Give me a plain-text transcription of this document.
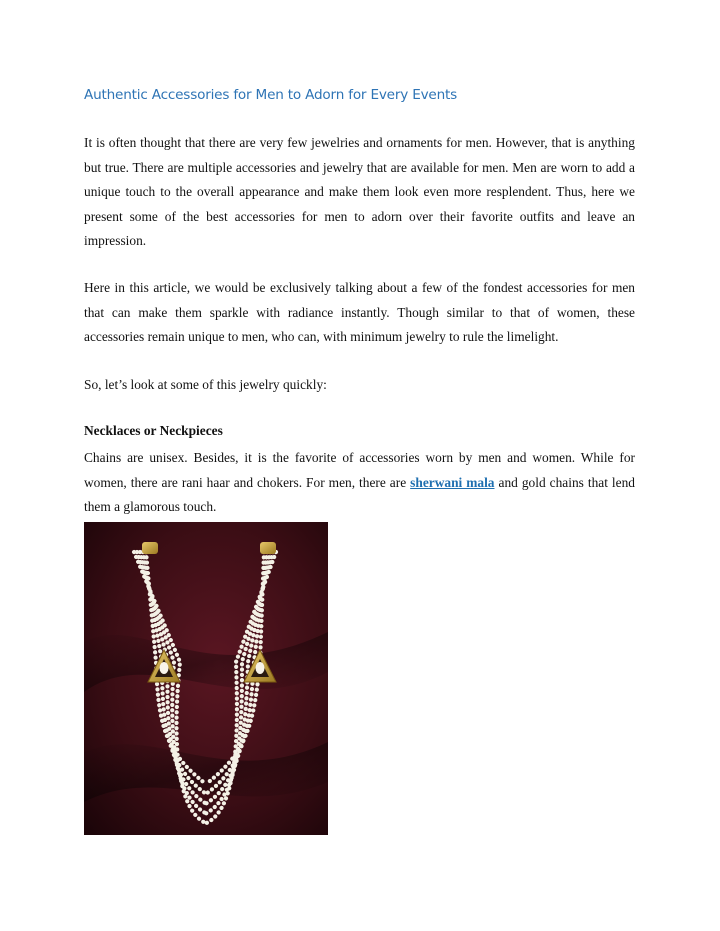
Authentic Accessories for Men to Adorn for Every Events

It is often thought that there are very few jewelries and ornaments for men. However, that is anything but true. There are multiple accessories and jewelry that are available for men. Men are worn to add a unique touch to the overall appearance and make them look even more resplendent. Thus, here we present some of the best accessories for men to adorn over their favorite outfits and leave an impression.

Here in this article, we would be exclusively talking about a few of the fondest accessories for men that can make them sparkle with radiance instantly. Though similar to that of women, these accessories remain unique to men, who can, with minimum jewelry to rule the limelight.

So, let’s look at some of this jewelry quickly:

Necklaces or Neckpieces

Chains are unisex. Besides, it is the favorite of accessories worn by men and women. While for women, there are rani haar and chokers. For men, there are sherwani mala and gold chains that lend them a glamorous touch.
